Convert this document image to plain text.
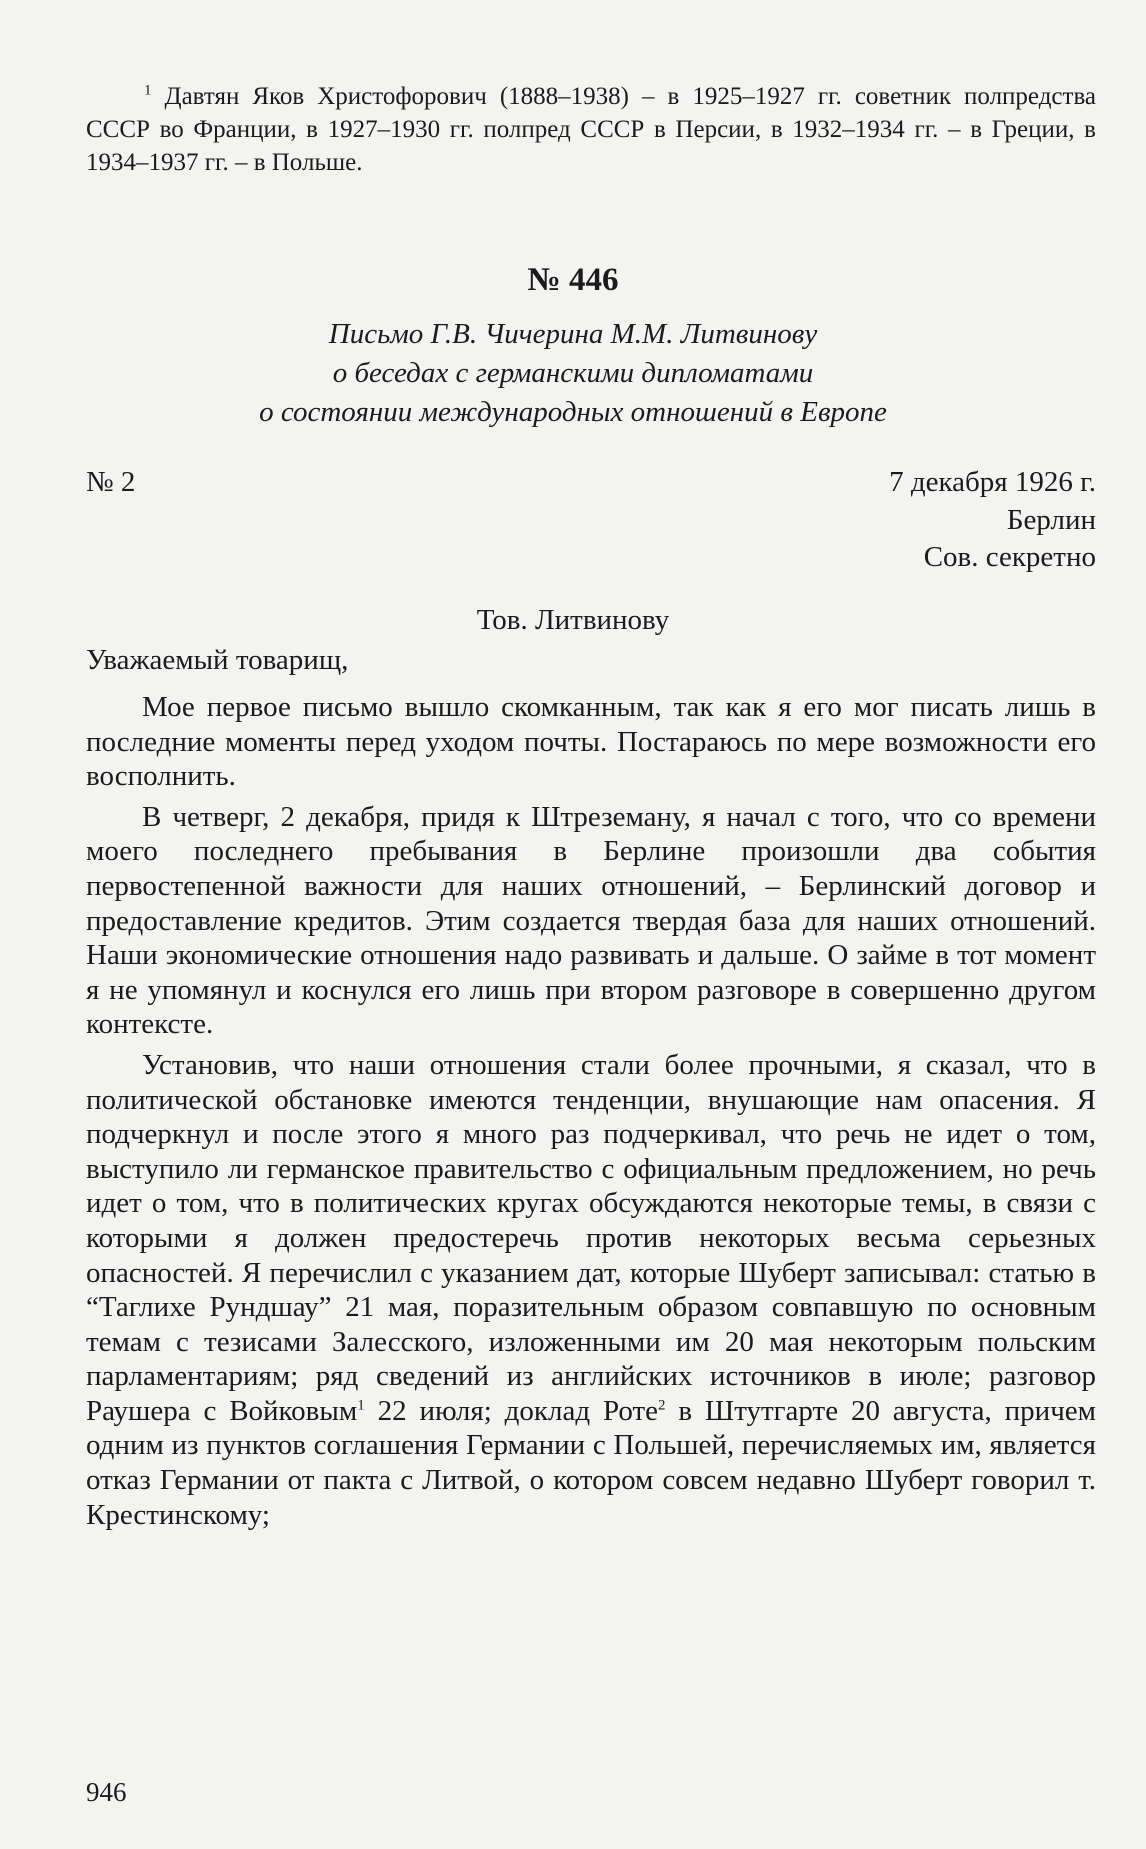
$^1$ Давтян Яков Христофорович (1888–1938) – в 1925–1927 гг. советник полпредства СССР во Франции, в 1927–1930 гг. полпред СССР в Персии, в 1932–1934 гг. – в Греции, в 1934–1937 гг. – в Польше.
№ 446
Письмо Г.В. Чичерина М.М. Литвинову
о беседах с германскими дипломатами
о состоянии международных отношений в Европе
№ 2	7 декабря 1926 г.
Берлин
Сов. секретно
Тов. Литвинову
Уважаемый товарищ,

Мое первое письмо вышло скомканным, так как я его мог писать лишь в последние моменты перед уходом почты. Постараюсь по мере возможности его восполнить.

В четверг, 2 декабря, придя к Штреземану, я начал с того, что со времени моего последнего пребывания в Берлине произошли два события первостепенной важности для наших отношений, – Берлинский договор и предоставление кредитов. Этим создается твердая база для наших отношений. Наши экономические отношения надо развивать и дальше. О займе в тот момент я не упомянул и коснулся его лишь при втором разговоре в совершенно другом контексте.

Установив, что наши отношения стали более прочными, я сказал, что в политической обстановке имеются тенденции, внушающие нам опасения. Я подчеркнул и после этого я много раз подчеркивал, что речь не идет о том, выступило ли германское правительство с официальным предложением, но речь идет о том, что в политических кругах обсуждаются некоторые темы, в связи с которыми я должен предостеречь против некоторых весьма серьезных опасностей. Я перечислил с указанием дат, которые Шуберт записывал: статью в “Таглихе Рундшау” 21 мая, поразительным образом совпавшую по основным темам с тезисами Залесского, изложенными им 20 мая некоторым польским парламентариям; ряд сведений из английских источников в июле; разговор Раушера с Войковым$^1$ 22 июля; доклад Роте$^2$ в Штутгарте 20 августа, причем одним из пунктов соглашения Германии с Польшей, перечисляемых им, является отказ Германии от пакта с Литвой, о котором совсем недавно Шуберт говорил т. Крестинскому;

946
